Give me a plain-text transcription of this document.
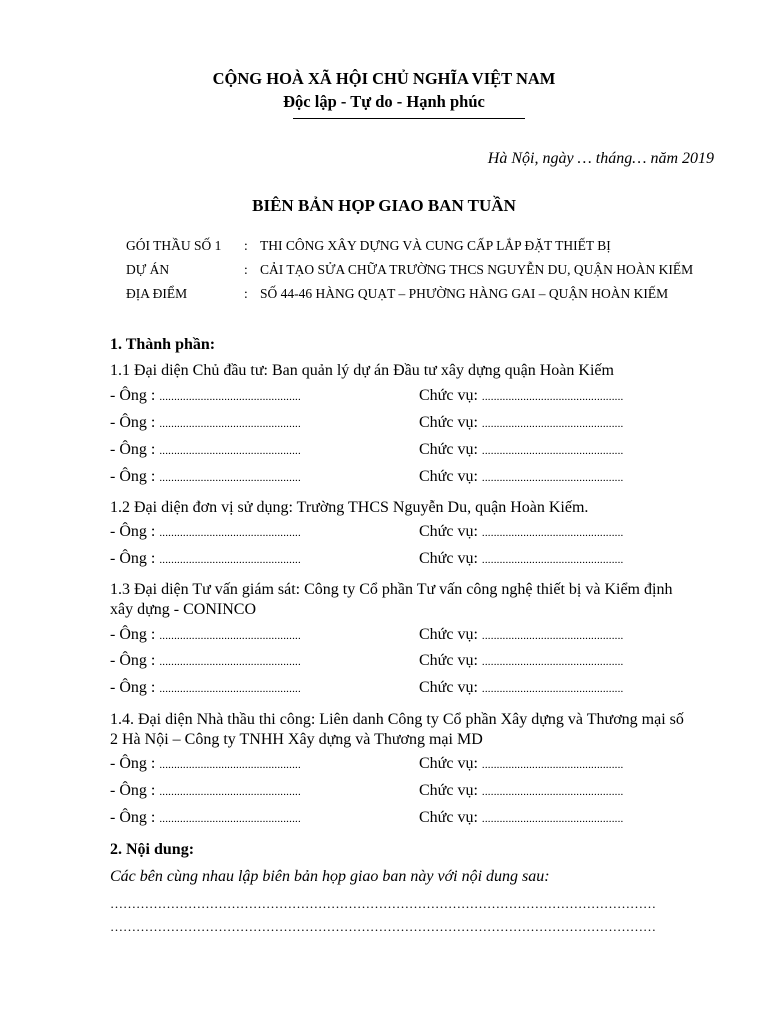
CỘNG HOÀ XÃ HỘI CHỦ NGHĨA VIỆT NAM
Độc lập - Tự do - Hạnh phúc
Hà Nội, ngày … tháng… năm 2019
BIÊN BẢN HỌP GIAO BAN TUẦN
GÓI THẦU SỐ 1 : THI CÔNG XÂY DỰNG VÀ CUNG CẤP LẮP ĐẶT THIẾT BỊ
DỰ ÁN	: CẢI TẠO SỬA CHỮA TRƯỜNG THCS NGUYỄN DU, QUẬN HOÀN KIẾM
ĐỊA ĐIỂM	: SỐ 44-46 HÀNG QUẠT – PHƯỜNG HÀNG GAI – QUẬN HOÀN KIẾM
1. Thành phần:
1.1 Đại diện Chủ đầu tư: Ban quản lý dự án Đầu tư xây dựng quận Hoàn Kiếm
- Ông : ................................................	Chức vụ: ................................................
- Ông : ................................................	Chức vụ: ................................................
- Ông : ................................................	Chức vụ: ................................................
- Ông : ................................................	Chức vụ: ................................................
1.2 Đại diện đơn vị sử dụng: Trường THCS Nguyễn Du, quận Hoàn Kiếm.
- Ông : ................................................	Chức vụ: ................................................
- Ông : ................................................	Chức vụ: ................................................
1.3 Đại diện Tư vấn giám sát: Công ty Cổ phần Tư vấn công nghệ thiết bị và Kiểm định
xây dựng - CONINCO
- Ông : ................................................	Chức vụ: ................................................
- Ông : ................................................	Chức vụ: ................................................
- Ông : ................................................	Chức vụ: ................................................
1.4. Đại diện Nhà thầu thi công: Liên danh Công ty Cổ phần Xây dựng và Thương mại số
2 Hà Nội – Công ty TNHH Xây dựng và Thương mại MD
- Ông : ................................................	Chức vụ: ................................................
- Ông : ................................................	Chức vụ: ................................................
- Ông : ................................................	Chức vụ: ................................................
2. Nội dung:
Các bên cùng nhau lập biên bản họp giao ban này với nội dung sau:
………………………………………………………………………………………………………………
………………………………………………………………………………………………………………
